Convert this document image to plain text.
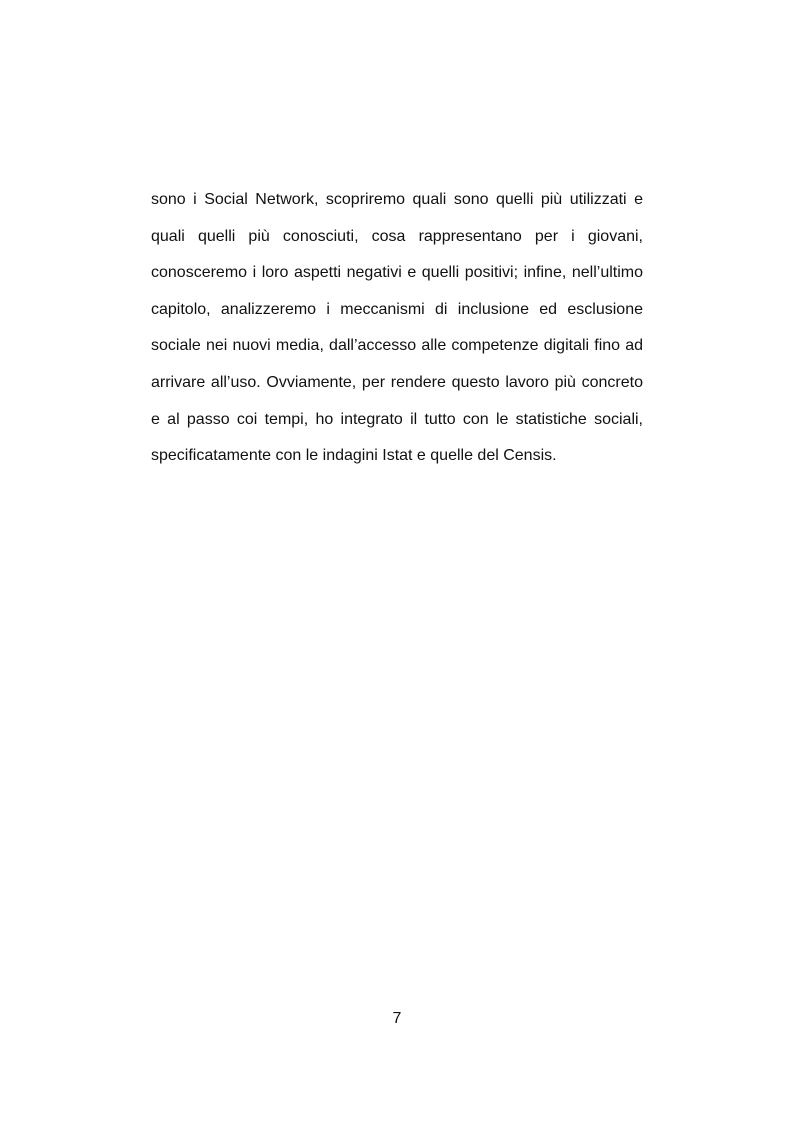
sono i Social Network, scopriremo quali sono quelli più utilizzati e
quali quelli più conosciuti, cosa rappresentano per i giovani,
conosceremo i loro aspetti negativi e quelli positivi; infine, nell’ultimo
capitolo, analizzeremo i meccanismi di inclusione ed esclusione
sociale nei nuovi media, dall’accesso alle competenze digitali fino ad
arrivare all’uso. Ovviamente, per rendere questo lavoro più concreto
e al passo coi tempi, ho integrato il tutto con le statistiche sociali,
specificatamente con le indagini Istat e quelle del Censis.
7
